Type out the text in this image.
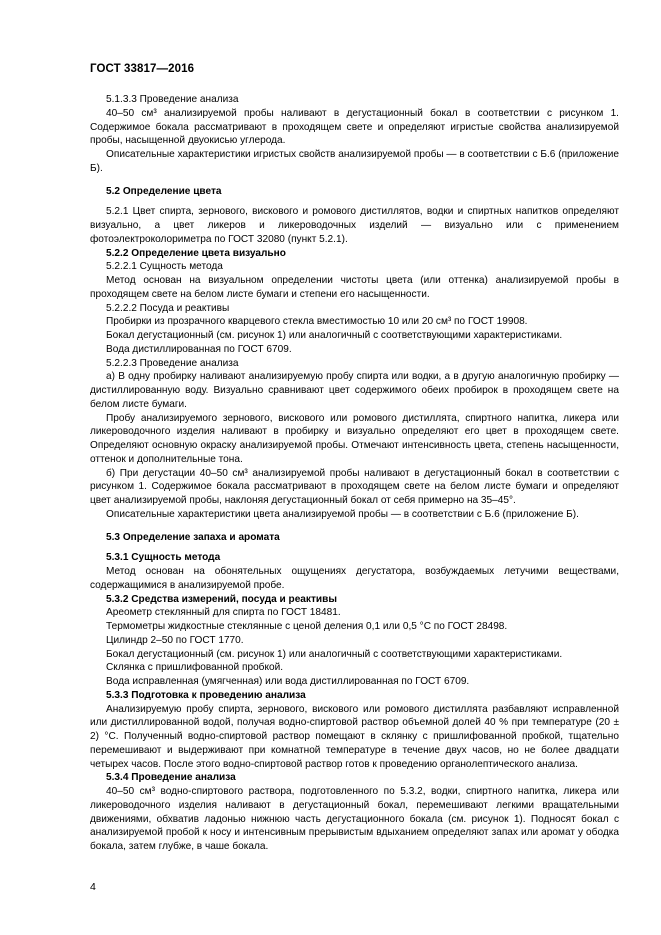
ГОСТ 33817—2016

5.1.3.3 Проведение анализа

40–50 см³ анализируемой пробы наливают в дегустационный бокал в соответствии с рисунком 1. Содержимое бокала рассматривают в проходящем свете и определяют игристые свойства анализируемой пробы, насыщенной двуокисью углерода.

Описательные характеристики игристых свойств анализируемой пробы — в соответствии с Б.6 (приложение Б).

5.2 Определение цвета

5.2.1 Цвет спирта, зернового, вискового и ромового дистиллятов, водки и спиртных напитков определяют визуально, а цвет ликеров и ликероводочных изделий — визуально или с применением фотоэлектроколориметра по ГОСТ 32080 (пункт 5.2.1).

5.2.2 Определение цвета визуально

5.2.2.1 Сущность метода

Метод основан на визуальном определении чистоты цвета (или оттенка) анализируемой пробы в проходящем свете на белом листе бумаги и степени его насыщенности.

5.2.2.2 Посуда и реактивы

Пробирки из прозрачного кварцевого стекла вместимостью 10 или 20 см³ по ГОСТ 19908.

Бокал дегустационный (см. рисунок 1) или аналогичный с соответствующими характеристиками.

Вода дистиллированная по ГОСТ 6709.

5.2.2.3 Проведение анализа

а) В одну пробирку наливают анализируемую пробу спирта или водки, а в другую аналогичную пробирку — дистиллированную воду. Визуально сравнивают цвет содержимого обеих пробирок в проходящем свете на белом листе бумаги.

Пробу анализируемого зернового, вискового или ромового дистиллята, спиртного напитка, ликера или ликероводочного изделия наливают в пробирку и визуально определяют его цвет в проходящем свете. Определяют основную окраску анализируемой пробы. Отмечают интенсивность цвета, степень насыщенности, оттенок и дополнительные тона.

б) При дегустации 40–50 см³ анализируемой пробы наливают в дегустационный бокал в соответствии с рисунком 1. Содержимое бокала рассматривают в проходящем свете на белом листе бумаги и определяют цвет анализируемой пробы, наклоняя дегустационный бокал от себя примерно на 35–45°.

Описательные характеристики цвета анализируемой пробы — в соответствии с Б.6 (приложение Б).

5.3 Определение запаха и аромата

5.3.1 Сущность метода

Метод основан на обонятельных ощущениях дегустатора, возбуждаемых летучими веществами, содержащимися в анализируемой пробе.

5.3.2 Средства измерений, посуда и реактивы

Ареометр стеклянный для спирта по ГОСТ 18481.

Термометры жидкостные стеклянные с ценой деления 0,1 или 0,5 °С по ГОСТ 28498.

Цилиндр 2–50 по ГОСТ 1770.

Бокал дегустационный (см. рисунок 1) или аналогичный с соответствующими характеристиками.

Склянка с пришлифованной пробкой.

Вода исправленная (умягченная) или вода дистиллированная по ГОСТ 6709.

5.3.3 Подготовка к проведению анализа

Анализируемую пробу спирта, зернового, вискового или ромового дистиллята разбавляют исправленной или дистиллированной водой, получая водно-спиртовой раствор объемной долей 40 % при температуре (20 ± 2) °С. Полученный водно-спиртовой раствор помещают в склянку с пришлифованной пробкой, тщательно перемешивают и выдерживают при комнатной температуре в течение двух часов, но не более двадцати четырех часов. После этого водно-спиртовой раствор готов к проведению органолептического анализа.

5.3.4 Проведение анализа

40–50 см³ водно-спиртового раствора, подготовленного по 5.3.2, водки, спиртного напитка, ликера или ликероводочного изделия наливают в дегустационный бокал, перемешивают легкими вращательными движениями, обхватив ладонью нижнюю часть дегустационного бокала (см. рисунок 1). Подносят бокал с анализируемой пробой к носу и интенсивным прерывистым вдыханием определяют запах или аромат у ободка бокала, затем глубже, в чаше бокала.

4
